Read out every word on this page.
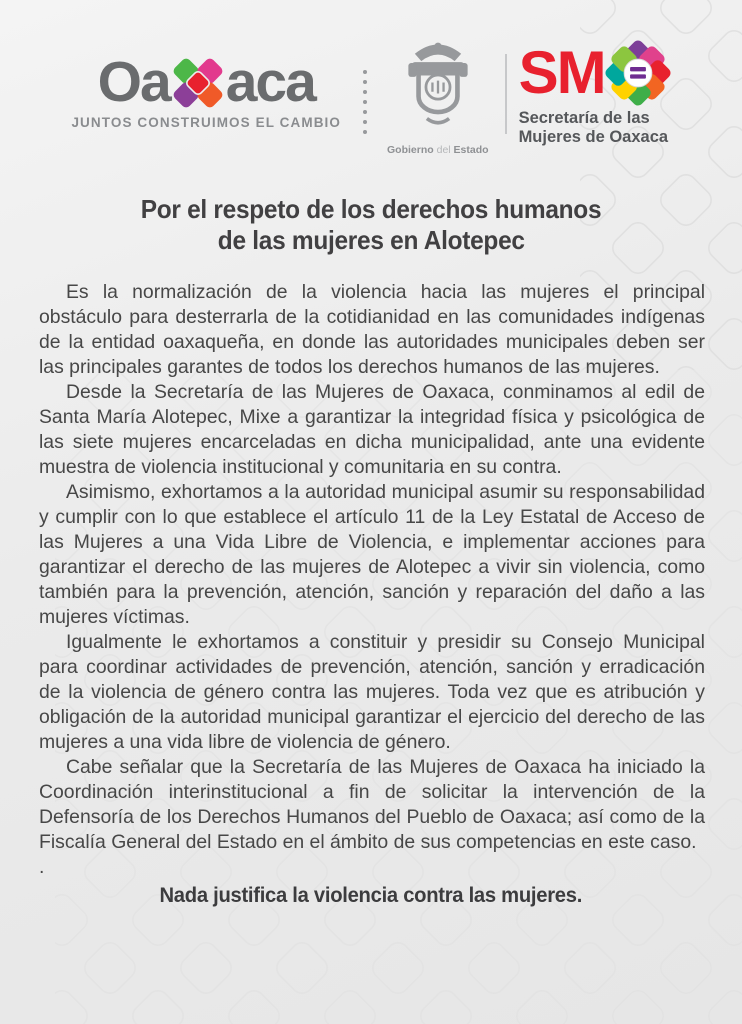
Oa aca
JUNTOS CONSTRUIMOS EL CAMBIO
Gobierno del Estado
SM
Secretaría de las
Mujeres de Oaxaca
Por el respeto de los derechos humanos
de las mujeres en Alotepec

Es la normalización de la violencia hacia las mujeres el principal obstáculo para desterrarla de la cotidianidad en las comunidades indígenas de la entidad oaxaqueña, en donde las autoridades municipales deben ser las principales garantes de todos los derechos humanos de las mujeres.

Desde la Secretaría de las Mujeres de Oaxaca, conminamos al edil de Santa María Alotepec, Mixe a garantizar la integridad física y psicológica de las siete mujeres encarceladas en dicha municipalidad, ante una evidente muestra de violencia institucional y comunitaria en su contra.

Asimismo, exhortamos a la autoridad municipal asumir su responsabilidad y cumplir con lo que establece el artículo 11 de la Ley Estatal de Acceso de las Mujeres a una Vida Libre de Violencia, e implementar acciones para garantizar el derecho de las mujeres de Alotepec a vivir sin violencia, como también para la prevención, atención, sanción y reparación del daño a las mujeres víctimas.

Igualmente le exhortamos a constituir y presidir su Consejo Municipal para coordinar actividades de prevención, atención, sanción y erradicación de la violencia de género contra las mujeres. Toda vez que es atribución y obligación de la autoridad municipal garantizar el ejercicio del derecho de las mujeres a una vida libre de violencia de género.

Cabe señalar que la Secretaría de las Mujeres de Oaxaca ha iniciado la Coordinación interinstitucional a fin de solicitar la intervención de la Defensoría de los Derechos Humanos del Pueblo de Oaxaca; así como de la Fiscalía General del Estado en el ámbito de sus competencias en este caso.

.

Nada justifica la violencia contra las mujeres.
